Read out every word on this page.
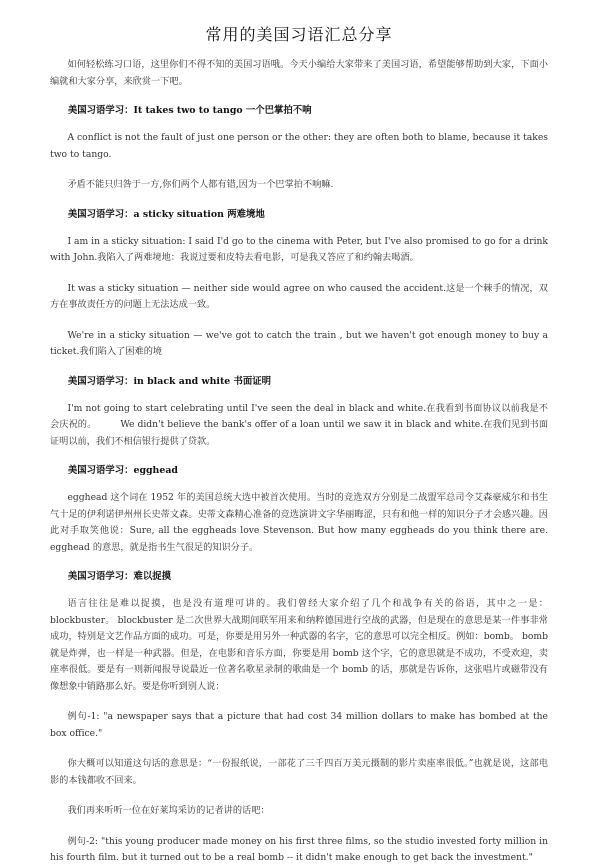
常用的美国习语汇总分享

如何轻松练习口语，这里你们不得不知的美国习语哦。今天小编给大家带来了美国习语，希望能够帮助到大家，下面小编就和大家分享，来欣赏一下吧。

美国习语学习：It takes two to tango 一个巴掌拍不响

A conflict is not the fault of just one person or the other: they are often both to blame, because it takes two to tango.

矛盾不能只归咎于一方,你们两个人都有错,因为一个巴掌拍不响嘛.

美国习语学习：a sticky situation 两难境地

I am in a sticky situation: I said I'd go to the cinema with Peter, but I've also promised to go for a drink with John.我陷入了两难境地：我说过要和皮特去看电影，可是我又答应了和约翰去喝酒。

It was a sticky situation — neither side would agree on who caused the accident.这是一个棘手的情况，双方在事故责任方的问题上无法达成一致。

We're in a sticky situation — we've got to catch the train , but we haven't got enough money to buy a ticket.我们陷入了困难的境

美国习语学习：in black and white 书面证明

I'm not going to start celebrating until I've seen the deal in black and white.在我看到书面协议以前我是不会庆祝的。	We didn't believe the bank's offer of a loan until we saw it in black and white.在我们见到书面证明以前，我们不相信银行提供了贷款。

美国习语学习：egghead

egghead 这个词在 1952 年的美国总统大选中被首次使用。当时的竞选双方分别是二战盟军总司令艾森豪威尔和书生气十足的伊利诺伊州州长史蒂文森。史蒂文森精心准备的竞选演讲文字华丽晦涩，只有和他一样的知识分子才会感兴趣。因此对手取笑他说：Sure, all the eggheads love Stevenson. But how many eggheads do you think there are. egghead 的意思，就是指书生气很足的知识分子。

美国习语学习：难以捉摸

语言往往是难以捉摸，也是没有道理可讲的。我们曾经大家介绍了几个和战争有关的俗语，其中之一是：blockbuster。 blockbuster 是二次世界大战期间联军用来和纳粹德国进行空战的武器，但是现在的意思是某一件事非常成功，特别是文艺作品方面的成功。可是，你要是用另外一种武器的名字，它的意思可以完全相反。例如：bomb。 bomb 就是炸弹，也一样是一种武器。但是，在电影和音乐方面，你要是用 bomb 这个字，它的意思就是不成功，不受欢迎，卖座率很低。要是有一则新闻报导说最近一位著名歌星录制的歌曲是一个 bomb 的话，那就是告诉你，这张唱片或磁带没有像想象中销路那么好。要是你听到别人说：

例句-1: "a newspaper says that a picture that had cost 34 million dollars to make has bombed at the box office."

你大概可以知道这句话的意思是：“一份报纸说，一部花了三千四百万美元摄制的影片卖座率很低。”也就是说，这部电影的本钱都收不回来。

我们再来听听一位在好莱坞采访的记者讲的话吧：

例句-2: "this young producer made money on his first three films, so the studio invested forty million in his fourth film. but it turned out to be a real bomb -- it didn't make enough to get back the investment."
